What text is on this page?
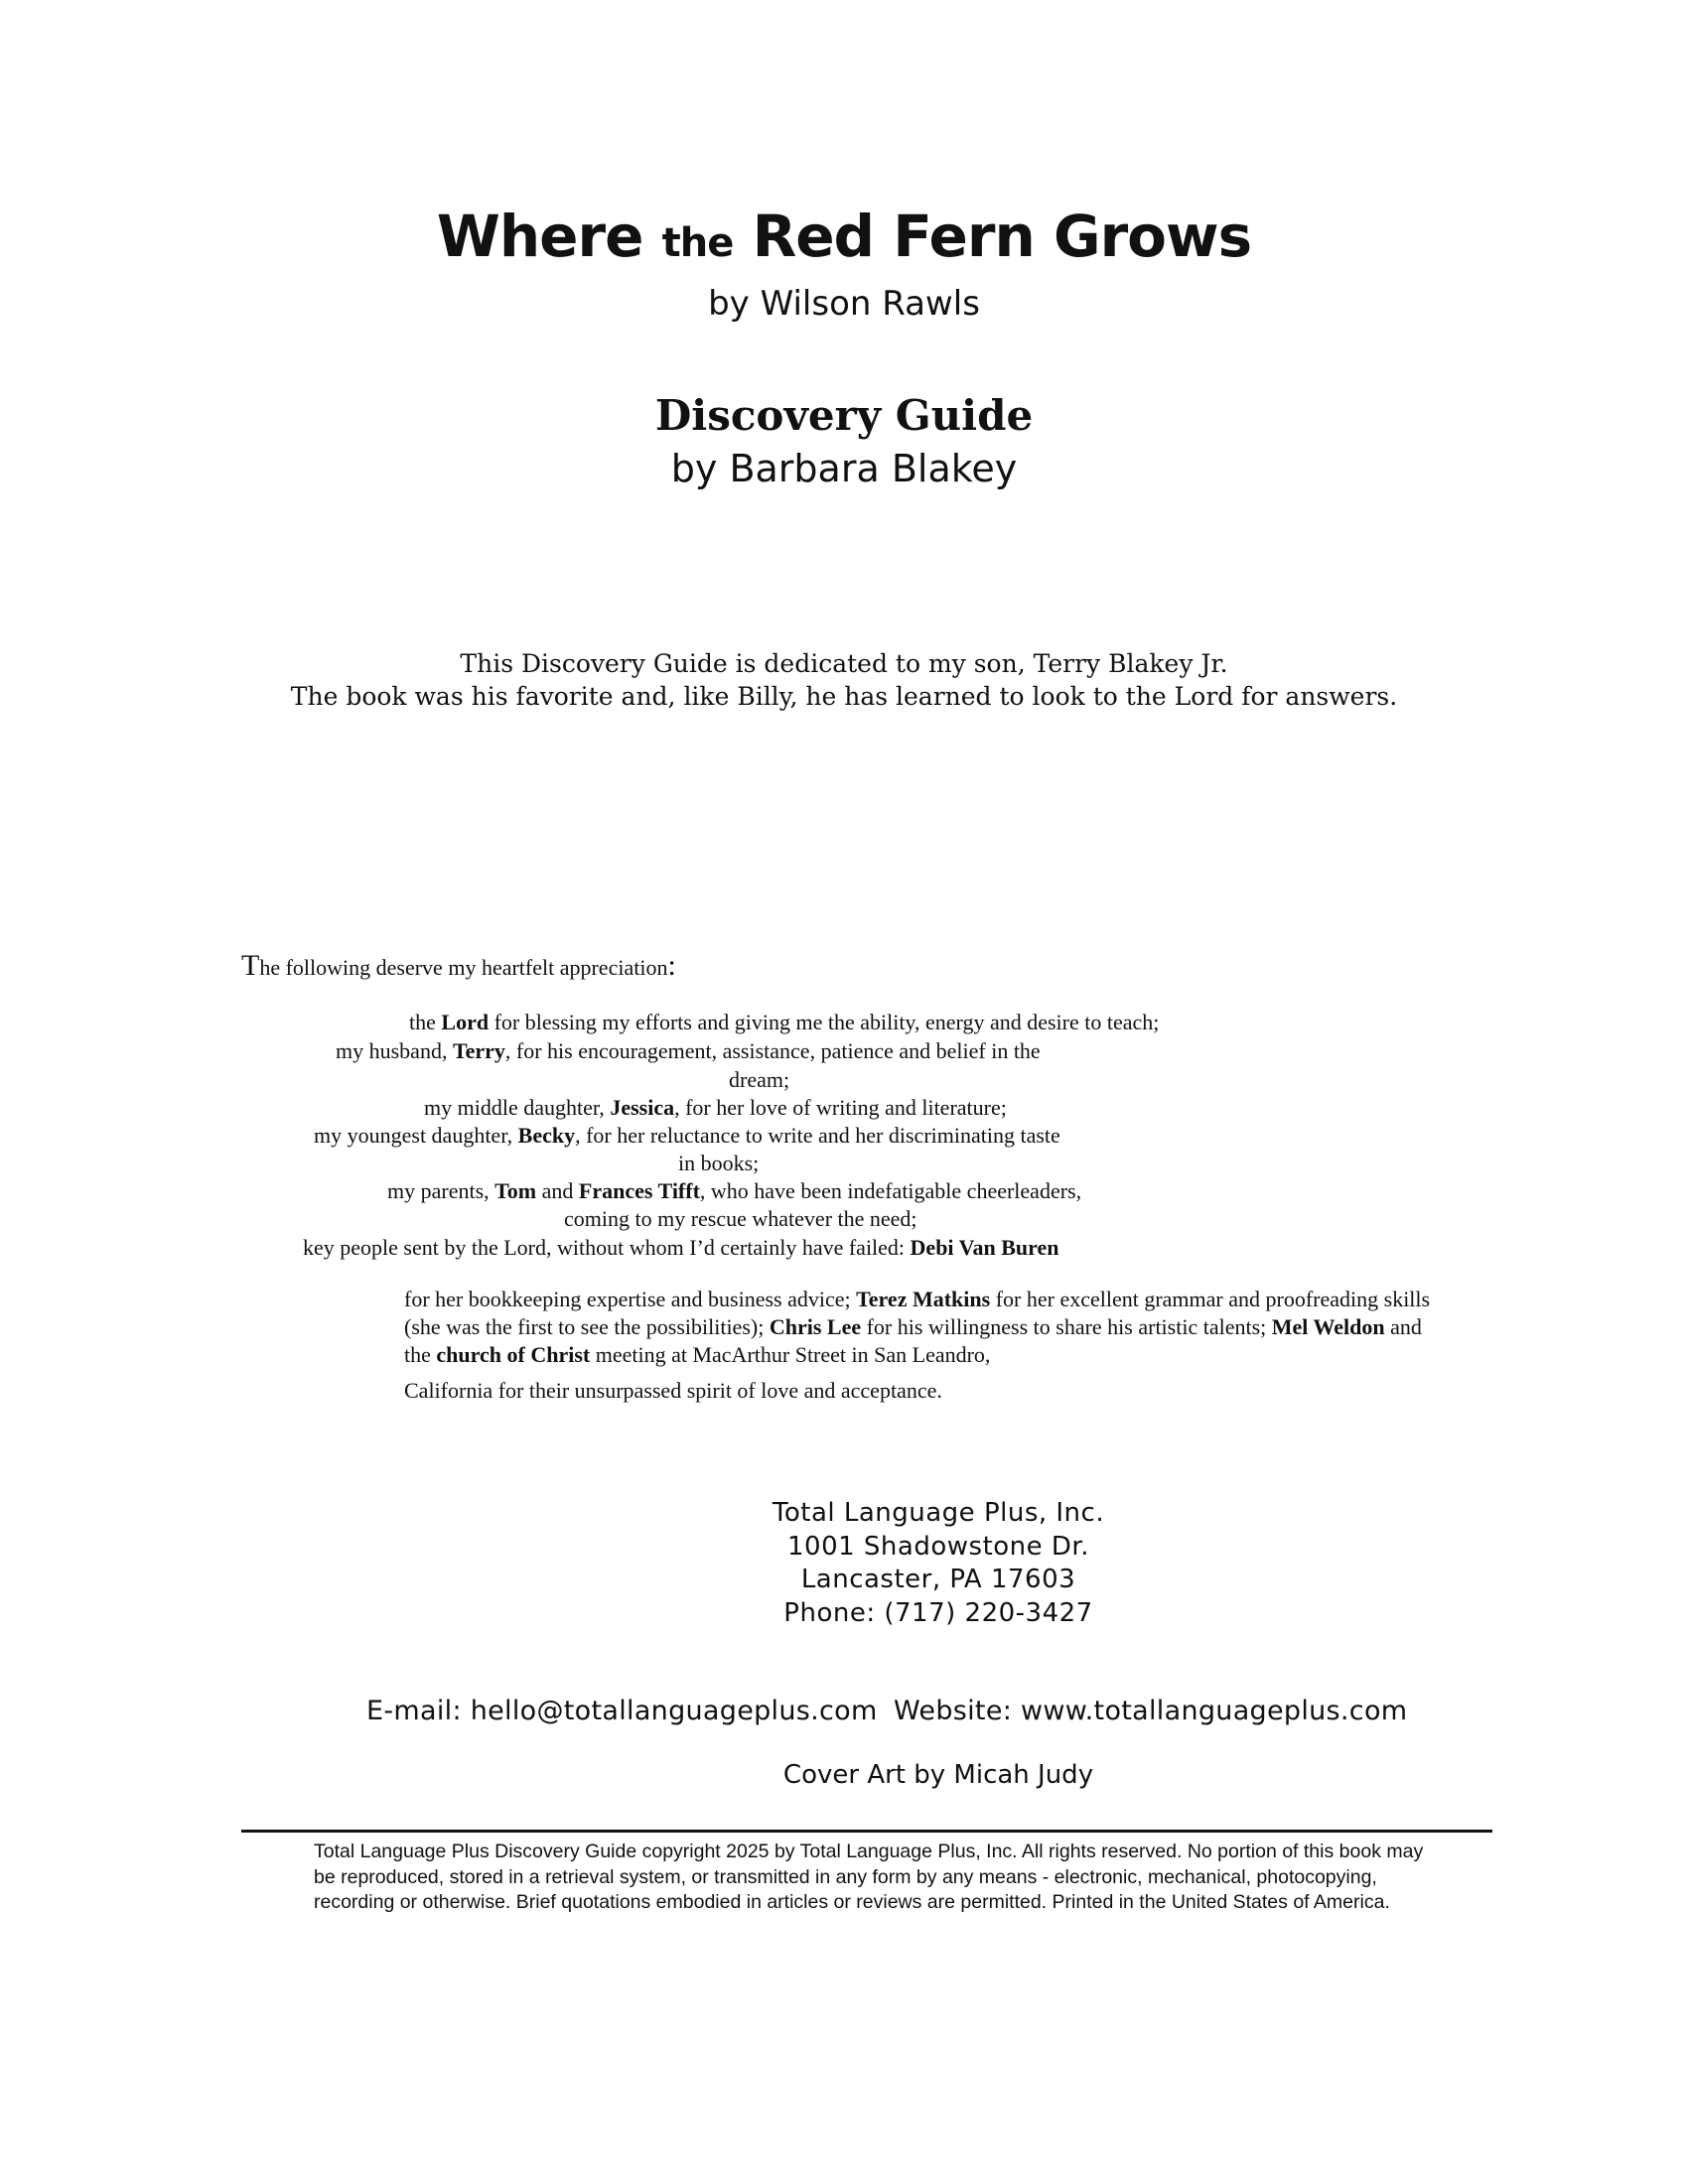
Where the Red Fern Grows
by Wilson Rawls
Discovery Guide
by Barbara Blakey
This Discovery Guide is dedicated to my son, Terry Blakey Jr.
The book was his favorite and, like Billy, he has learned to look to the Lord for answers.
The following deserve my heartfelt appreciation:
the Lord for blessing my efforts and giving me the ability, energy and desire to teach;
my husband, Terry, for his encouragement, assistance, patience and belief in the
dream;
my middle daughter, Jessica, for her love of writing and literature;
my youngest daughter, Becky, for her reluctance to write and her discriminating taste
in books;
my parents, Tom and Frances Tifft, who have been indefatigable cheerleaders,
coming to my rescue whatever the need;
key people sent by the Lord, without whom I’d certainly have failed: Debi Van Buren
for her bookkeeping expertise and business advice; Terez Matkins for her excellent grammar and proofreading skills (she was the first to see the possibilities); Chris Lee for his willingness to share his artistic talents; Mel Weldon and the church of Christ meeting at MacArthur Street in San Leandro,
California for their unsurpassed spirit of love and acceptance.
Total Language Plus, Inc.
1001 Shadowstone Dr.
Lancaster, PA 17603
Phone: (717) 220-3427
E-mail: hello@totallanguageplus.com Website: www.totallanguageplus.com
Cover Art by Micah Judy
Total Language Plus Discovery Guide copyright 2025 by Total Language Plus, Inc. All rights reserved. No portion of this book may be reproduced, stored in a retrieval system, or transmitted in any form by any means - electronic, mechanical, photocopying, recording or otherwise. Brief quotations embodied in articles or reviews are permitted. Printed in the United States of America.
